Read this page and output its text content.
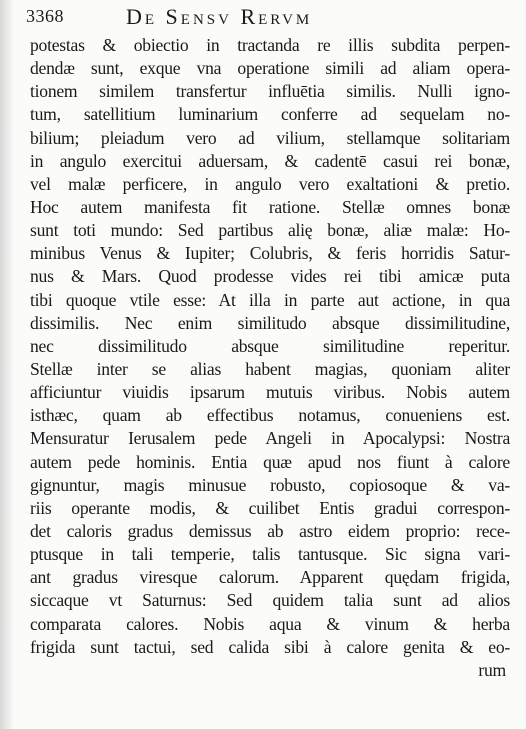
3368	De Sensv Rervm
potestas & obiectio in tractanda re illis subdita perpen-
dendæ sunt, exque vna operatione simili ad aliam opera-
tionem similem transfertur influētia similis. Nulli igno-
tum, satellitium luminarium conferre ad sequelam no-
bilium; pleiadum vero ad vilium, stellamque solitariam
in angulo exercitui aduersam, & cadentē casui rei bonæ,
vel malæ perficere, in angulo vero exaltationi & pretio.
Hoc autem manifesta fit ratione. Stellæ omnes bonæ
sunt toti mundo: Sed partibus alię bonæ, aliæ malæ: Ho-
minibus Venus & Iupiter; Colubris, & feris horridis Satur-
nus & Mars. Quod prodesse vides rei tibi amicæ puta
tibi quoque vtile esse: At illa in parte aut actione, in qua
dissimilis. Nec enim similitudo absque dissimilitudine,
nec dissimilitudo absque similitudine reperitur.
Stellæ inter se alias habent magias, quoniam aliter
afficiuntur viuidis ipsarum mutuis viribus. Nobis autem
isthæc, quam ab effectibus notamus, conueniens est.
Mensuratur Ierusalem pede Angeli in Apocalypsi: Nostra
autem pede hominis. Entia quæ apud nos fiunt à calore
gignuntur, magis minusue robusto, copiosoque & va-
riis operante modis, & cuilibet Entis gradui correspon-
det caloris gradus demissus ab astro eidem proprio: rece-
ptusque in tali temperie, talis tantusque. Sic signa vari-
ant gradus viresque calorum. Apparent quędam frigida,
siccaque vt Saturnus: Sed quidem talia sunt ad alios
comparata calores. Nobis aqua & vinum & herba
frigida sunt tactui, sed calida sibi à calore genita & eo-
rum
